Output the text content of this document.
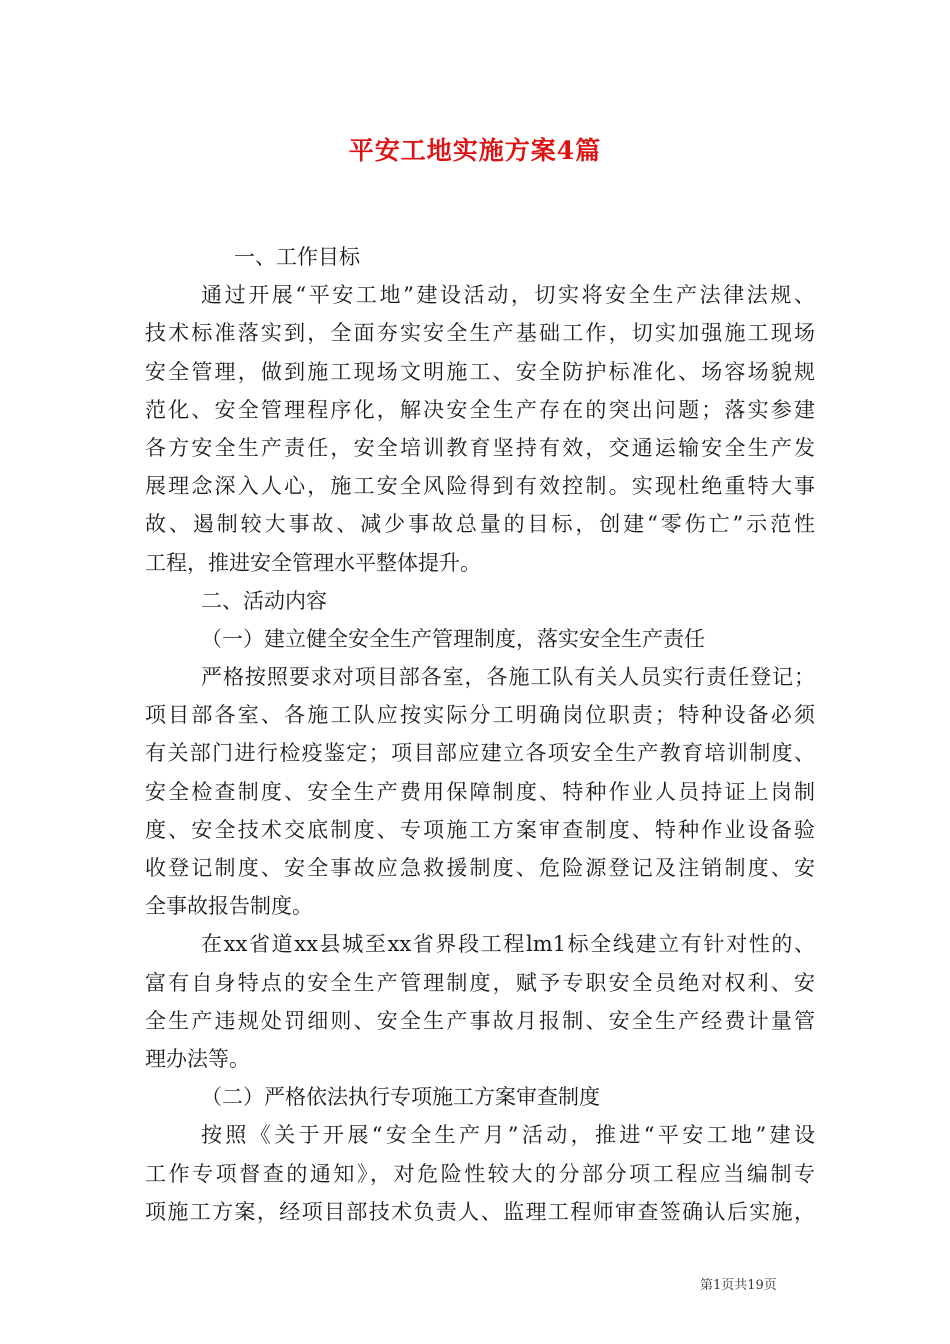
平安工地实施方案4篇
一、工作目标
通过开展“平安工地”建设活动，切实将安全生产法律法规、
技术标准落实到，全面夯实安全生产基础工作，切实加强施工现场
安全管理，做到施工现场文明施工、安全防护标准化、场容场貌规
范化、安全管理程序化，解决安全生产存在的突出问题；落实参建
各方安全生产责任，安全培训教育坚持有效，交通运输安全生产发
展理念深入人心，施工安全风险得到有效控制。实现杜绝重特大事
故、遏制较大事故、减少事故总量的目标，创建“零伤亡”示范性
工程，推进安全管理水平整体提升。
二、活动内容
（一）建立健全安全生产管理制度，落实安全生产责任
严格按照要求对项目部各室，各施工队有关人员实行责任登记；
项目部各室、各施工队应按实际分工明确岗位职责；特种设备必须
有关部门进行检疫鉴定；项目部应建立各项安全生产教育培训制度、
安全检查制度、安全生产费用保障制度、特种作业人员持证上岗制
度、安全技术交底制度、专项施工方案审查制度、特种作业设备验
收登记制度、安全事故应急救援制度、危险源登记及注销制度、安
全事故报告制度。
在xx省道xx县城至xx省界段工程lm1标全线建立有针对性的、
富有自身特点的安全生产管理制度，赋予专职安全员绝对权利、安
全生产违规处罚细则、安全生产事故月报制、安全生产经费计量管
理办法等。
（二）严格依法执行专项施工方案审查制度
按照《关于开展“安全生产月”活动，推进“平安工地”建设
工作专项督查的通知》，对危险性较大的分部分项工程应当编制专
项施工方案，经项目部技术负责人、监理工程师审查签确认后实施，
第1页共19页
